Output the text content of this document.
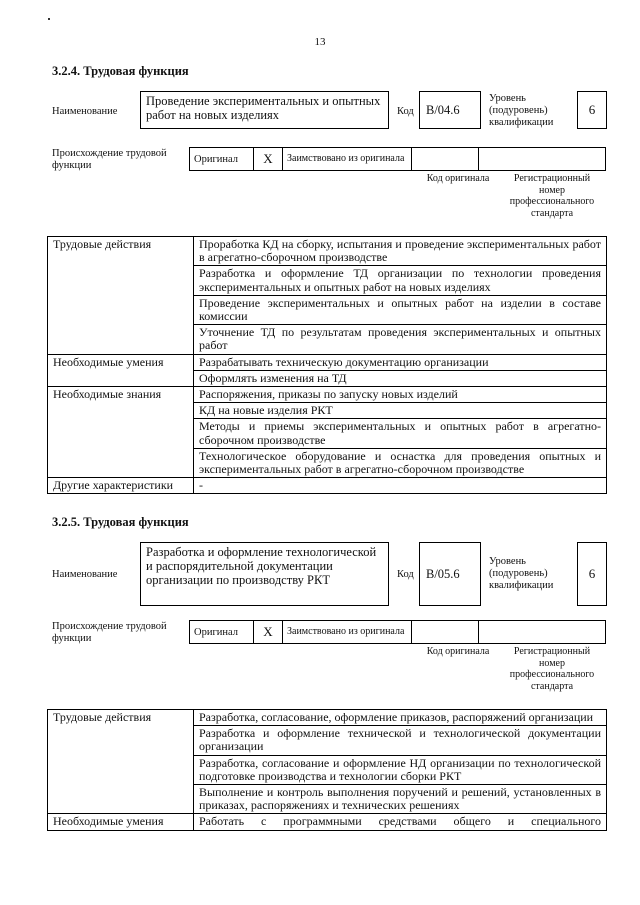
13
3.2.4. Трудовая функция
Наименование
Проведение экспериментальных и опытных работ на новых изделиях	Код B/04.6
Уровень
(подуровень)
квалификации
6
Происхождение трудовой функции
Оригинал	X	Заимствовано из оригинала		
Код оригинала	Регистрационный номер профессионального стандарта
Трудовые действия	Проработка КД на сборку, испытания и проведение экспериментальных работ в агрегатно-сборочном производстве
	Разработка и оформление ТД организации по технологии проведения экспериментальных и опытных работ на новых изделиях
	Проведение экспериментальных и опытных работ на изделии в составе комиссии
	Уточнение ТД по результатам проведения экспериментальных и опытных работ
Необходимые умения	Разрабатывать техническую документацию организации
	Оформлять изменения на ТД
Необходимые знания	Распоряжения, приказы по запуску новых изделий
	КД на новые изделия РКТ
	Методы и приемы экспериментальных и опытных работ в агрегатно-сборочном производстве
	Технологическое оборудование и оснастка для проведения опытных и экспериментальных работ в агрегатно-сборочном производстве
Другие характеристики	-
3.2.5. Трудовая функция
Наименование
Разработка и оформление технологической и распорядительной документации организации по производству РКТ	Код B/05.6
Уровень
(подуровень)
квалификации
6
Происхождение трудовой функции
Оригинал	X	Заимствовано из оригинала		
Код оригинала	Регистрационный номер профессионального стандарта
Трудовые действия	Разработка, согласование, оформление приказов, распоряжений организации
	Разработка и оформление технической и технологической документации организации
	Разработка, согласование и оформление НД организации по технологической подготовке производства и технологии сборки РКТ
	Выполнение и контроль выполнения поручений и решений, установленных в приказах, распоряжениях и технических решениях
Необходимые умения	Работать с программными средствами общего и специального
